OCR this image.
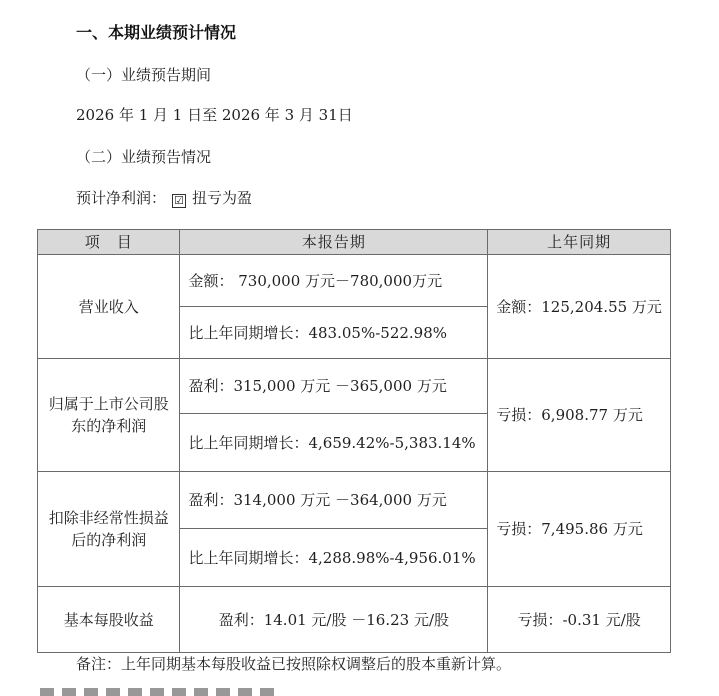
一、本期业绩预计情况
（一）业绩预告期间
2026 年 1 月 1 日至 2026 年 3 月 31日
（二）业绩预告情况
预计净利润： ☑ 扭亏为盈
项　目	本报告期	上年同期
营业收入	金额： 730,000 万元－780,000万元	金额：125,204.55 万元
	比上年同期增长：483.05%-522.98%	
归属于上市公司股东的净利润	盈利：315,000 万元 －365,000 万元	亏损：6,908.77 万元
	比上年同期增长：4,659.42%-5,383.14%	
扣除非经常性损益后的净利润	盈利：314,000 万元 －364,000 万元	亏损：7,495.86 万元
	比上年同期增长：4,288.98%-4,956.01%	
基本每股收益	盈利：14.01 元/股 －16.23 元/股	亏损：-0.31 元/股
备注：上年同期基本每股收益已按照除权调整后的股本重新计算。
